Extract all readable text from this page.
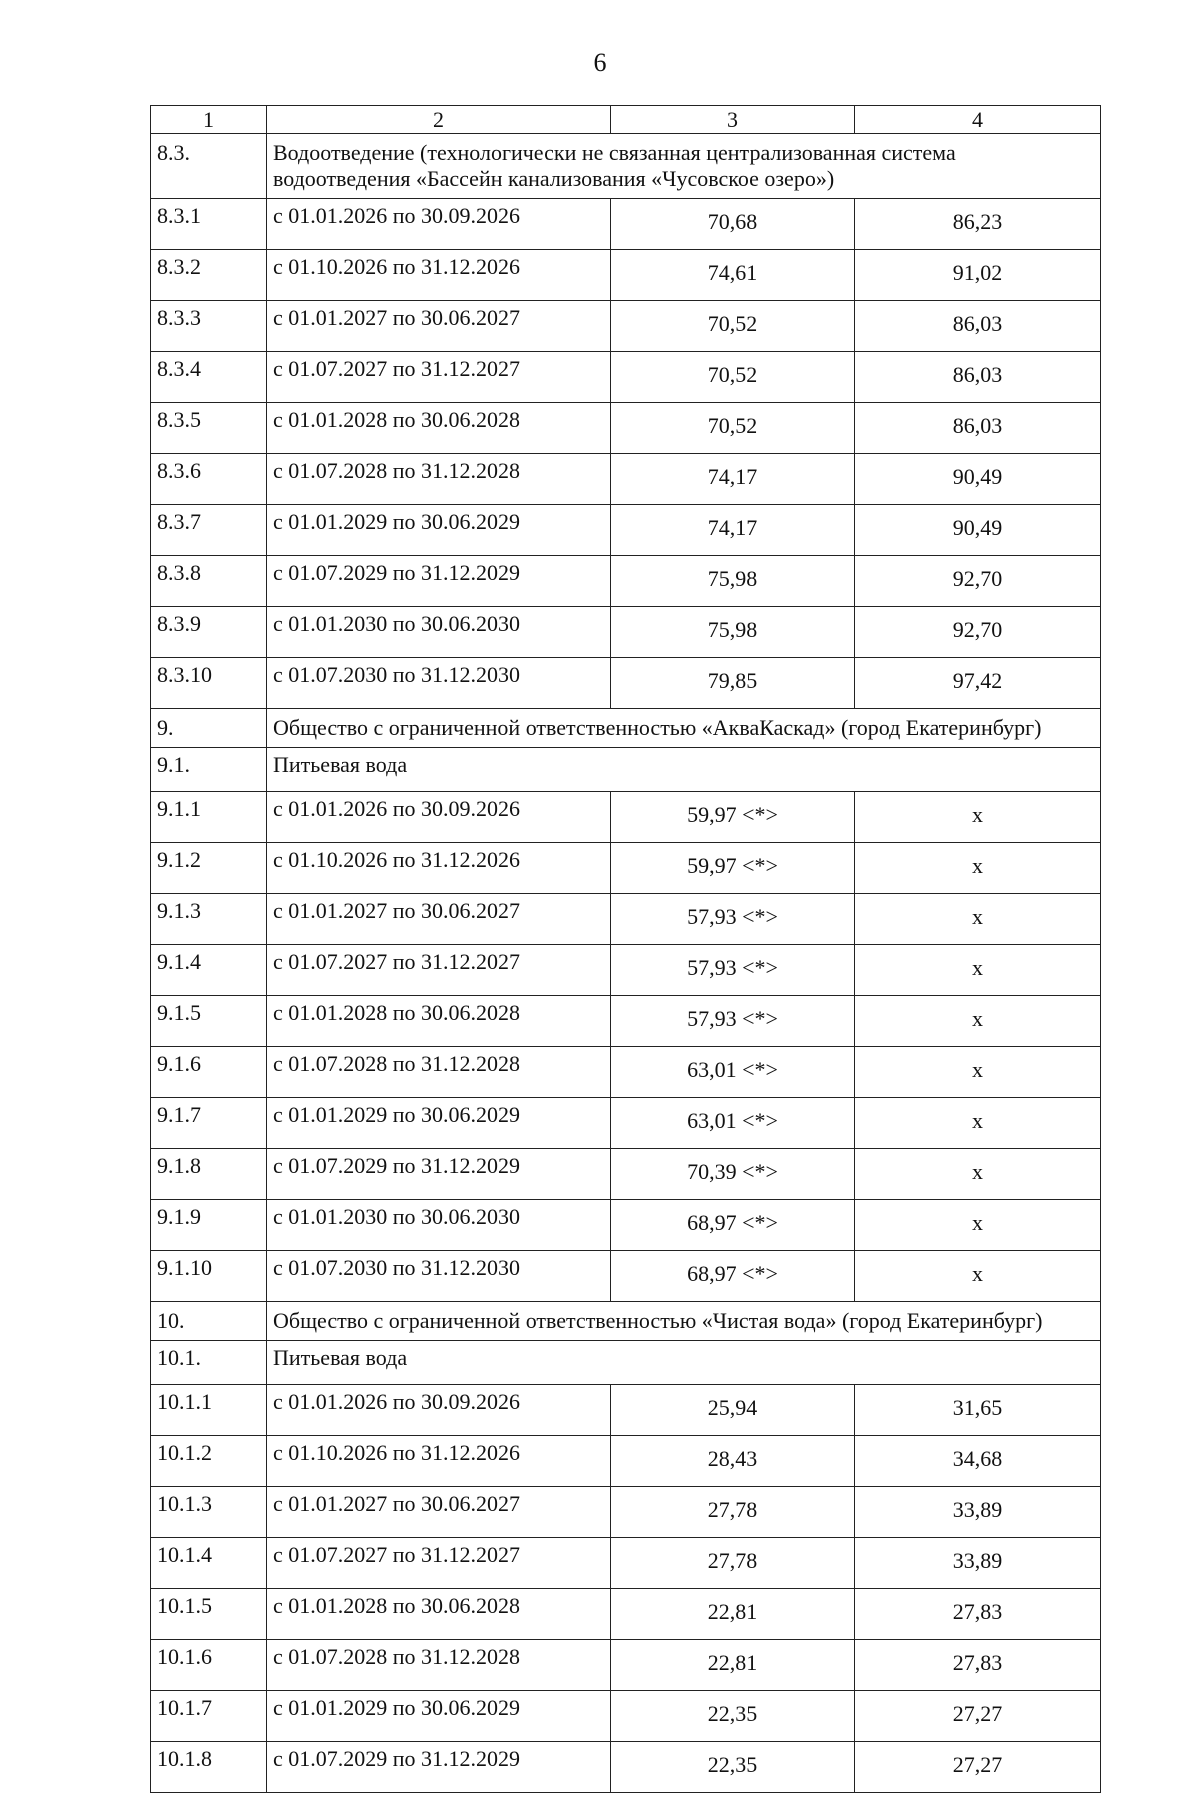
6
1	2	3	4
8.3.	Водоотведение (технологически не связанная централизованная система водоотведения «Бассейн канализования «Чусовское озеро»)		
8.3.1	с 01.01.2026 по 30.09.2026	70,68	86,23
8.3.2	с 01.10.2026 по 31.12.2026	74,61	91,02
8.3.3	с 01.01.2027 по 30.06.2027	70,52	86,03
8.3.4	с 01.07.2027 по 31.12.2027	70,52	86,03
8.3.5	с 01.01.2028 по 30.06.2028	70,52	86,03
8.3.6	с 01.07.2028 по 31.12.2028	74,17	90,49
8.3.7	с 01.01.2029 по 30.06.2029	74,17	90,49
8.3.8	с 01.07.2029 по 31.12.2029	75,98	92,70
8.3.9	с 01.01.2030 по 30.06.2030	75,98	92,70
8.3.10	с 01.07.2030 по 31.12.2030	79,85	97,42
9.	Общество с ограниченной ответственностью «АкваКаскад» (город Екатеринбург)		
9.1.	Питьевая вода		
9.1.1	с 01.01.2026 по 30.09.2026	59,97 <*>	x
9.1.2	с 01.10.2026 по 31.12.2026	59,97 <*>	x
9.1.3	с 01.01.2027 по 30.06.2027	57,93 <*>	x
9.1.4	с 01.07.2027 по 31.12.2027	57,93 <*>	x
9.1.5	с 01.01.2028 по 30.06.2028	57,93 <*>	x
9.1.6	с 01.07.2028 по 31.12.2028	63,01 <*>	x
9.1.7	с 01.01.2029 по 30.06.2029	63,01 <*>	x
9.1.8	с 01.07.2029 по 31.12.2029	70,39 <*>	x
9.1.9	с 01.01.2030 по 30.06.2030	68,97 <*>	x
9.1.10	с 01.07.2030 по 31.12.2030	68,97 <*>	x
10.	Общество с ограниченной ответственностью «Чистая вода» (город Екатеринбург)		
10.1.	Питьевая вода		
10.1.1	с 01.01.2026 по 30.09.2026	25,94	31,65
10.1.2	с 01.10.2026 по 31.12.2026	28,43	34,68
10.1.3	с 01.01.2027 по 30.06.2027	27,78	33,89
10.1.4	с 01.07.2027 по 31.12.2027	27,78	33,89
10.1.5	с 01.01.2028 по 30.06.2028	22,81	27,83
10.1.6	с 01.07.2028 по 31.12.2028	22,81	27,83
10.1.7	с 01.01.2029 по 30.06.2029	22,35	27,27
10.1.8	с 01.07.2029 по 31.12.2029	22,35	27,27
